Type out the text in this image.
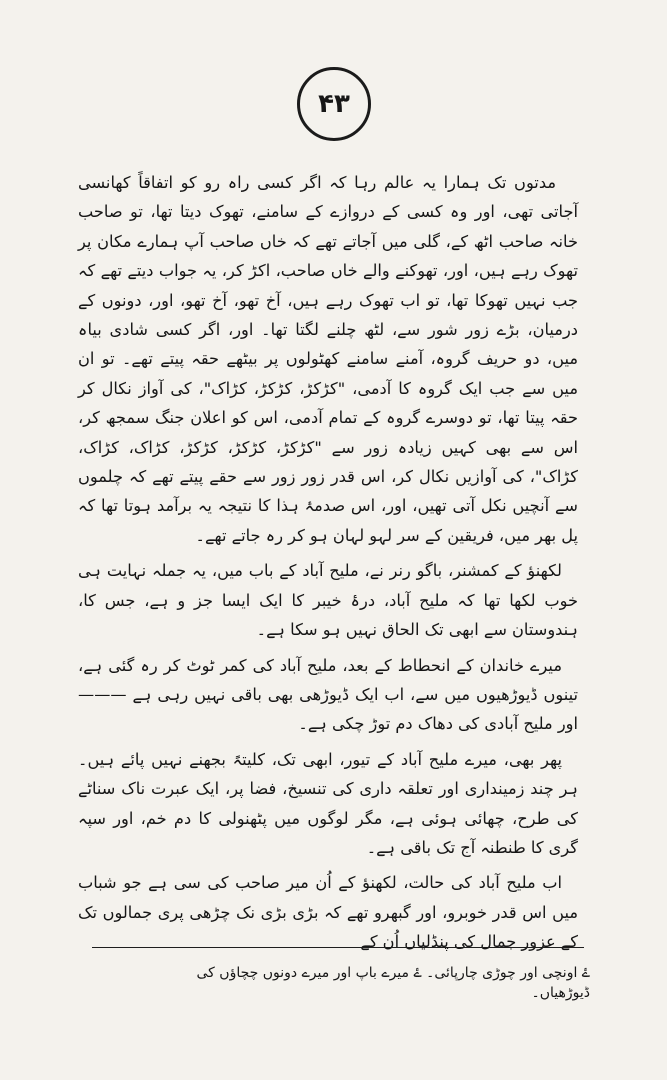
۴۳

مدتوں تک ہمارا یہ عالم رہا کہ اگر کسی راہ رو کو اتفاقاً کھانسی آجاتی تھی، اور وہ کسی کے دروازے کے سامنے، تھوک دیتا تھا، تو صاحب خانہ صاحب اٹھ کے، گلی میں آجاتے تھے کہ خاں صاحب آپ ہمارے مکان پر تھوک رہے ہیں، اور، تھوکنے والے خاں صاحب، اکڑ کر، یہ جواب دیتے تھے کہ جب نہیں تھوکا تھا، تو اب تھوک رہے ہیں، آخ تھو، آخ تھو، اور، دونوں کے درمیان، بڑے زور شور سے، لٹھ چلنے لگتا تھا۔ اور، اگر کسی شادی بیاہ میں، دو حریف گروہ، آمنے سامنے کھٹولوں پر بیٹھے حقہ پیتے تھے۔ تو ان میں سے جب ایک گروہ کا آدمی، "کڑکڑ، کڑکڑ، کڑاک"، کی آواز نکال کر حقہ پیتا تھا، تو دوسرے گروہ کے تمام آدمی، اس کو اعلان جنگ سمجھ کر، اس سے بھی کہیں زیادہ زور سے "کڑکڑ، کڑکڑ، کڑکڑ، کڑاک، کڑاک، کڑاک"، کی آوازیں نکال کر، اس قدر زور زور سے حقے پیتے تھے کہ چلموں سے آنچیں نکل آتی تھیں، اور، اس صدمۂ ہذا کا نتیجہ یہ برآمد ہوتا تھا کہ پل بھر میں، فریقین کے سر لہو لہان ہو کر رہ جاتے تھے۔

لکھنؤ کے کمشنر، باگو رنر نے، ملیح آباد کے باب میں، یہ جملہ نہایت ہی خوب لکھا تھا کہ ملیح آباد، درۂ خیبر کا ایک ایسا جز و ہے، جس کا، ہندوستان سے ابھی تک الحاق نہیں ہو سکا ہے۔

میرے خاندان کے انحطاط کے بعد، ملیح آباد کی کمر ٹوٹ کر رہ گئی ہے، تینوں ڈیوڑھیوں میں سے، اب ایک ڈیوڑھی بھی باقی نہیں رہی ہے ——— اور ملیح آبادی کی دھاک دم توڑ چکی ہے۔

پھر بھی، میرے ملیح آباد کے تیور، ابھی تک، کلیتہً بجھنے نہیں پائے ہیں۔ ہر چند زمینداری اور تعلقہ داری کی تنسیخ، فضا پر، ایک عبرت ناک سناٹے کی طرح، چھائی ہوئی ہے، مگر لوگوں میں پٹھنولی کا دم خم، اور سپہ گری کا طنطنہ آج تک باقی ہے۔

اب ملیح آباد کی حالت، لکھنؤ کے اُن میر صاحب کی سی ہے جو شباب میں اس قدر خوبرو، اور گبھرو تھے کہ بڑی بڑی نک چڑھی پری جمالوں تک کے عزور جمال کی پنڈلیاں اُن کے

ۓ اونچی اور چوڑی چارپائی۔ ۓ میرے باپ اور میرے دونوں چچاؤں کی ڈیوڑھیاں۔
